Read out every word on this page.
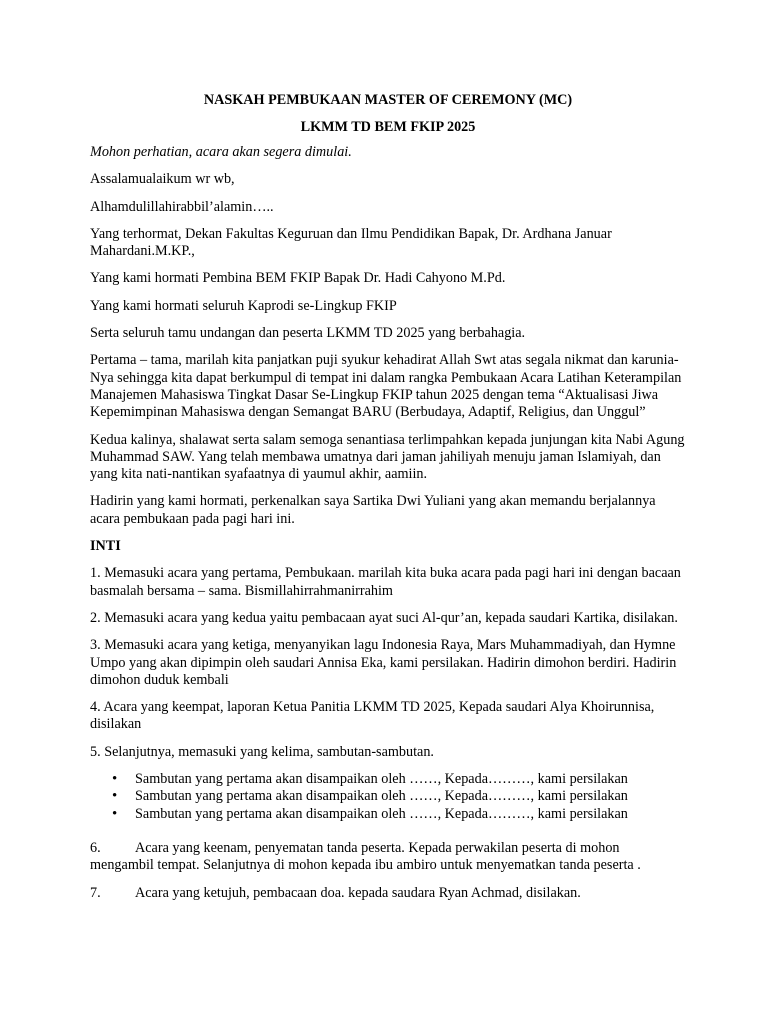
NASKAH PEMBUKAAN MASTER OF CEREMONY (MC)
LKMM TD BEM FKIP 2025

Mohon perhatian, acara akan segera dimulai.

Assalamualaikum wr wb,

Alhamdulillahirabbil’alamin…..

Yang terhormat, Dekan Fakultas Keguruan dan Ilmu Pendidikan Bapak, Dr. Ardhana Januar Mahardani.M.KP.,

Yang kami hormati Pembina BEM FKIP Bapak Dr. Hadi Cahyono M.Pd.

Yang kami hormati seluruh Kaprodi se-Lingkup FKIP

Serta seluruh tamu undangan dan peserta LKMM TD 2025 yang berbahagia.

Pertama – tama, marilah kita panjatkan puji syukur kehadirat Allah Swt atas segala nikmat dan karunia-Nya sehingga kita dapat berkumpul di tempat ini dalam rangka Pembukaan Acara Latihan Keterampilan Manajemen Mahasiswa Tingkat Dasar Se-Lingkup FKIP tahun 2025 dengan tema “Aktualisasi Jiwa Kepemimpinan Mahasiswa dengan Semangat BARU (Berbudaya, Adaptif, Religius, dan Unggul”

Kedua kalinya, shalawat serta salam semoga senantiasa terlimpahkan kepada junjungan kita Nabi Agung Muhammad SAW. Yang telah membawa umatnya dari jaman jahiliyah menuju jaman Islamiyah, dan yang kita nati-nantikan syafaatnya di yaumul akhir, aamiin.

Hadirin yang kami hormati, perkenalkan saya Sartika Dwi Yuliani yang akan memandu berjalannya acara pembukaan pada pagi hari ini.

INTI

1. Memasuki acara yang pertama, Pembukaan. marilah kita buka acara pada pagi hari ini dengan bacaan basmalah bersama – sama. Bismillahirrahmanirrahim

2. Memasuki acara yang kedua yaitu pembacaan ayat suci Al-qur’an, kepada saudari Kartika, disilakan.

3. Memasuki acara yang ketiga, menyanyikan lagu Indonesia Raya, Mars Muhammadiyah, dan Hymne Umpo yang akan dipimpin oleh saudari Annisa Eka, kami persilakan. Hadirin dimohon berdiri. Hadirin dimohon duduk kembali

4. Acara yang keempat, laporan Ketua Panitia LKMM TD 2025, Kepada saudari Alya Khoirunnisa, disilakan

5. Selanjutnya, memasuki yang kelima, sambutan-sambutan.

• Sambutan yang pertama akan disampaikan oleh ……, Kepada………, kami persilakan
• Sambutan yang pertama akan disampaikan oleh ……, Kepada………, kami persilakan
• Sambutan yang pertama akan disampaikan oleh ……, Kepada………, kami persilakan
6. Acara yang keenam, penyematan tanda peserta. Kepada perwakilan peserta di mohon mengambil tempat. Selanjutnya di mohon kepada ibu ambiro untuk menyematkan tanda peserta .
7. Acara yang ketujuh, pembacaan doa. kepada saudara Ryan Achmad, disilakan.
